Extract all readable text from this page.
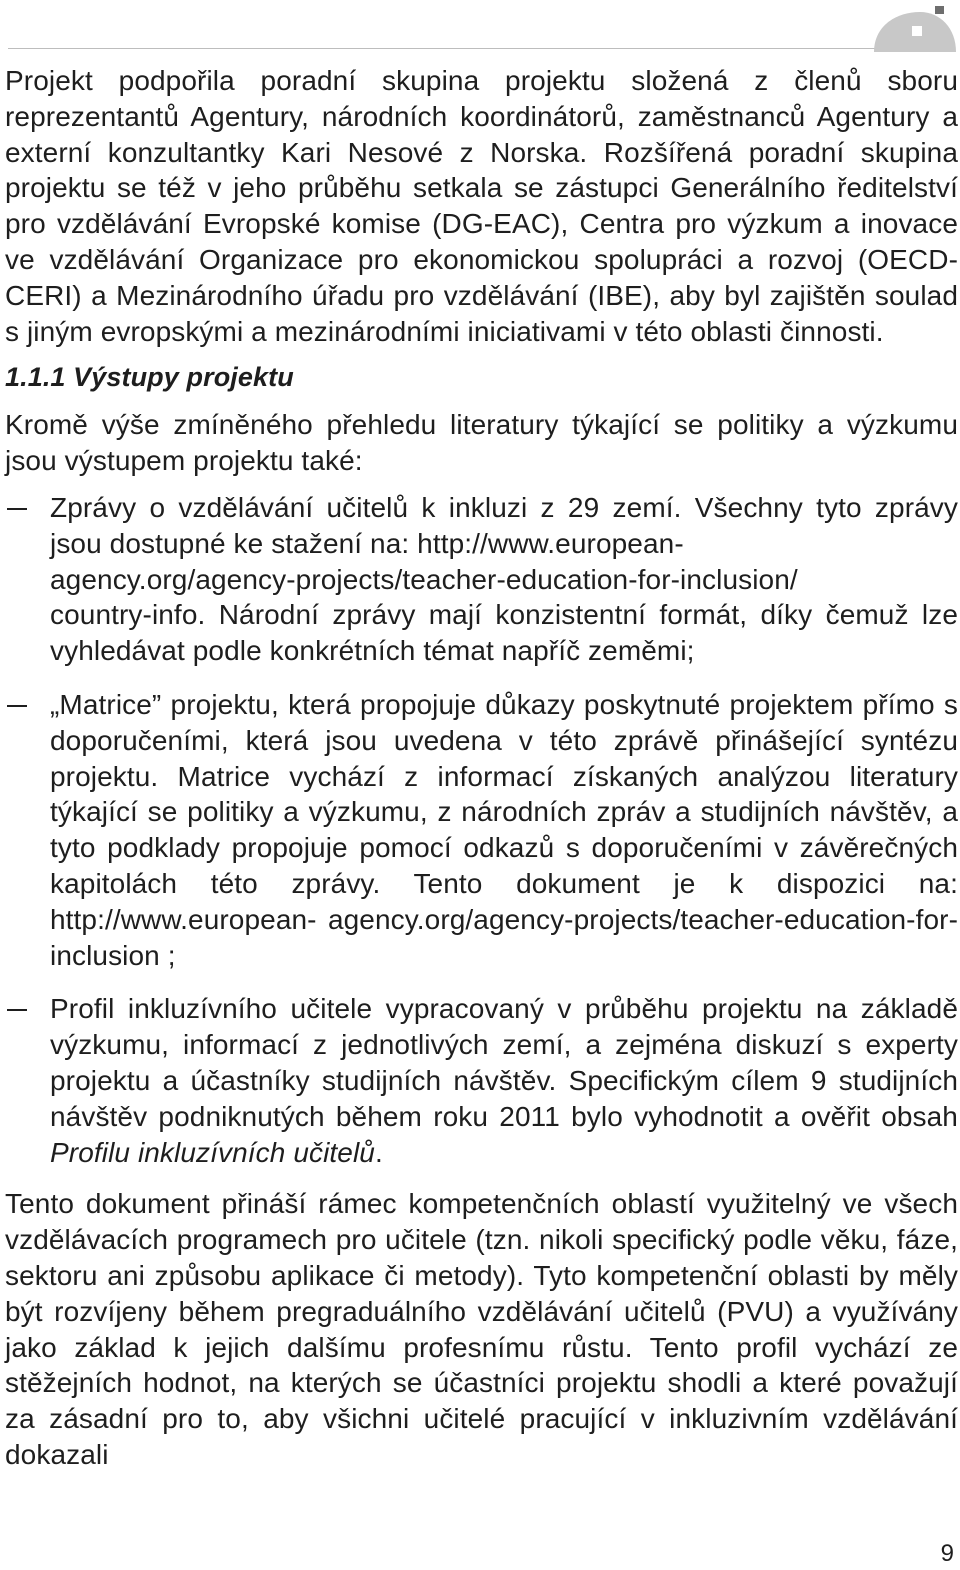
Projekt podpořila poradní skupina projektu složená z členů sboru reprezentantů Agentury, národních koordinátorů, zaměstnanců Agentury a externí konzultantky Kari Nesové z Norska. Rozšířená poradní skupina projektu se též v jeho průběhu setkala se zástupci Generálního ředitelství pro vzdělávání Evropské komise (DG-EAC), Centra pro výzkum a inovace ve vzdělávání Organizace pro ekonomickou spolupráci a rozvoj (OECD-CERI) a Mezinárodního úřadu pro vzdělávání (IBE), aby byl zajištěn soulad s jiným evropskými a mezinárodními iniciativami v této oblasti činnosti.

1.1.1 Výstupy projektu

Kromě výše zmíněného přehledu literatury týkající se politiky a výzkumu jsou výstupem projektu také:

Zprávy o vzdělávání učitelů k inkluzi z 29 zemí. Všechny tyto zprávy jsou dostupné ke stažení na: http://www.european-
agency.org/agency-projects/teacher-education-for-inclusion/
country-info. Národní zprávy mají konzistentní formát, díky čemuž lze vyhledávat podle konkrétních témat napříč zeměmi;
„Matrice” projektu, která propojuje důkazy poskytnuté projektem přímo s doporučeními, která jsou uvedena v této zprávě přinášející syntézu projektu. Matrice vychází z informací získaných analýzou literatury týkající se politiky a výzkumu, z národních zpráv a studijních návštěv, a tyto podklady propojuje pomocí odkazů s doporučeními v závěrečných kapitolách této zprávy. Tento dokument je k dispozici na: http://www.european- agency.org/agency-projects/teacher-education-for-inclusion ;
Profil inkluzívního učitele vypracovaný v průběhu projektu na základě výzkumu, informací z jednotlivých zemí, a zejména diskuzí s experty projektu a účastníky studijních návštěv. Specifickým cílem 9 studijních návštěv podniknutých během roku 2011 bylo vyhodnotit a ověřit obsah Profilu inkluzívních učitelů.

Tento dokument přináší rámec kompetenčních oblastí využitelný ve všech vzdělávacích programech pro učitele (tzn. nikoli specifický podle věku, fáze, sektoru ani způsobu aplikace či metody). Tyto kompetenční oblasti by měly být rozvíjeny během pregraduálního vzdělávání učitelů (PVU) a využívány jako základ k jejich dalšímu profesnímu růstu. Tento profil vychází ze stěžejních hodnot, na kterých se účastníci projektu shodli a které považují za zásadní pro to, aby všichni učitelé pracující v inkluzivním vzdělávání dokazali

9
